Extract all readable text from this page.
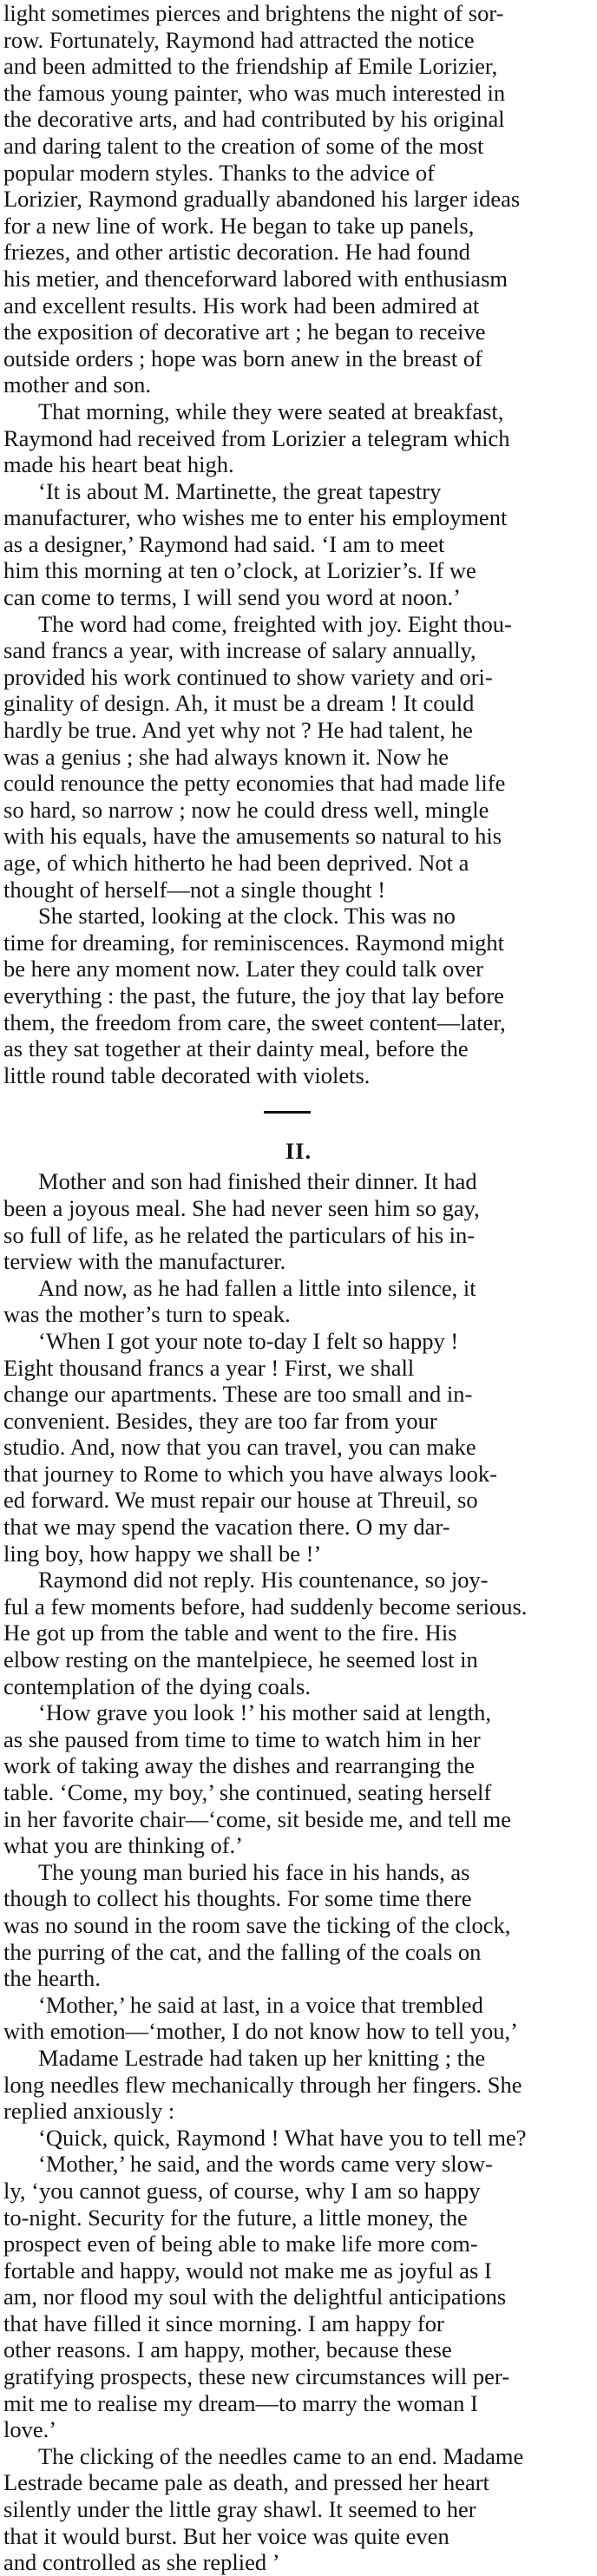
light sometimes pierces and brightens the night of sor-
row. Fortunately, Raymond had attracted the notice
and been admitted to the friendship af Emile Lorizier,
the famous young painter, who was much interested in
the decorative arts, and had contributed by his original
and daring talent to the creation of some of the most
popular modern styles. Thanks to the advice of
Lorizier, Raymond gradually abandoned his larger ideas
for a new line of work. He began to take up panels,
friezes, and other artistic decoration. He had found
his metier, and thenceforward labored with enthusiasm
and excellent results. His work had been admired at
the exposition of decorative art ; he began to receive
outside orders ; hope was born anew in the breast of
mother and son.
That morning, while they were seated at breakfast,
Raymond had received from Lorizier a telegram which
made his heart beat high.
‘It is about M. Martinette, the great tapestry
manufacturer, who wishes me to enter his employment
as a designer,’ Raymond had said. ‘I am to meet
him this morning at ten o’clock, at Lorizier’s. If we
can come to terms, I will send you word at noon.’
The word had come, freighted with joy. Eight thou-
sand francs a year, with increase of salary annually,
provided his work continued to show variety and ori-
ginality of design. Ah, it must be a dream ! It could
hardly be true. And yet why not ? He had talent, he
was a genius ; she had always known it. Now he
could renounce the petty economies that had made life
so hard, so narrow ; now he could dress well, mingle
with his equals, have the amusements so natural to his
age, of which hitherto he had been deprived. Not a
thought of herself—not a single thought !
She started, looking at the clock. This was no
time for dreaming, for reminiscences. Raymond might
be here any moment now. Later they could talk over
everything : the past, the future, the joy that lay before
them, the freedom from care, the sweet content—later,
as they sat together at their dainty meal, before the
little round table decorated with violets.
II.
Mother and son had finished their dinner. It had
been a joyous meal. She had never seen him so gay,
so full of life, as he related the particulars of his in-
terview with the manufacturer.
And now, as he had fallen a little into silence, it
was the mother’s turn to speak.
‘When I got your note to-day I felt so happy !
Eight thousand francs a year ! First, we shall
change our apartments. These are too small and in-
convenient. Besides, they are too far from your
studio. And, now that you can travel, you can make
that journey to Rome to which you have always look-
ed forward. We must repair our house at Threuil, so
that we may spend the vacation there. O my dar-
ling boy, how happy we shall be !’
Raymond did not reply. His countenance, so joy-
ful a few moments before, had suddenly become serious.
He got up from the table and went to the fire. His
elbow resting on the mantelpiece, he seemed lost in
contemplation of the dying coals.
‘How grave you look !’ his mother said at length,
as she paused from time to time to watch him in her
work of taking away the dishes and rearranging the
table. ‘Come, my boy,’ she continued, seating herself
in her favorite chair—‘come, sit beside me, and tell me
what you are thinking of.’
The young man buried his face in his hands, as
though to collect his thoughts. For some time there
was no sound in the room save the ticking of the clock,
the purring of the cat, and the falling of the coals on
the hearth.
‘Mother,’ he said at last, in a voice that trembled
with emotion—‘mother, I do not know how to tell you,’
Madame Lestrade had taken up her knitting ; the
long needles flew mechanically through her fingers. She
replied anxiously :
‘Quick, quick, Raymond ! What have you to tell me?
‘Mother,’ he said, and the words came very slow-
ly, ‘you cannot guess, of course, why I am so happy
to-night. Security for the future, a little money, the
prospect even of being able to make life more com-
fortable and happy, would not make me as joyful as I
am, nor flood my soul with the delightful anticipations
that have filled it since morning. I am happy for
other reasons. I am happy, mother, because these
gratifying prospects, these new circumstances will per-
mit me to realise my dream—to marry the woman I
love.’
The clicking of the needles came to an end. Madame
Lestrade became pale as death, and pressed her heart
silently under the little gray shawl. It seemed to her
that it would burst. But her voice was quite even
and controlled as she replied ’
